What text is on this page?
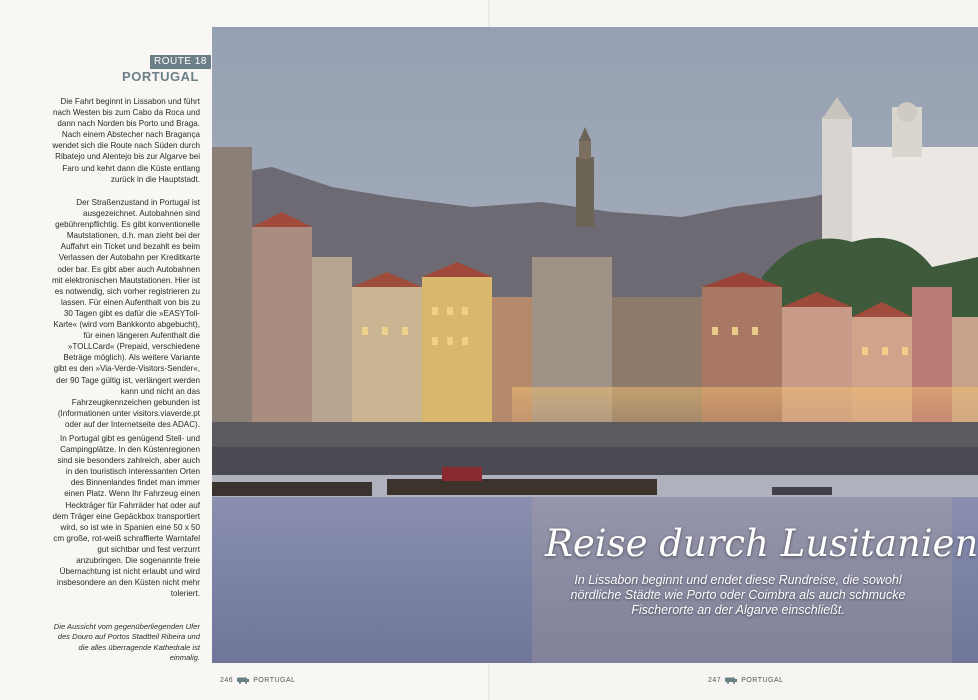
ROUTE 18
PORTUGAL

Die Fahrt beginnt in Lissabon und führt nach Westen bis zum Cabo da Roca und dann nach Norden bis Porto und Braga. Nach einem Abstecher nach Bragança wendet sich die Route nach Süden durch Ribatejo und Alentejo bis zur Algarve bei Faro und kehrt dann die Küste entlang zurück in die Hauptstadt.

Der Straßenzustand in Portugal ist ausgezeichnet. Autobahnen sind gebührenpflichtig. Es gibt konventionelle Mautstationen, d.h. man zieht bei der Auffahrt ein Ticket und bezahlt es beim Verlassen der Autobahn per Kreditkarte oder bar. Es gibt aber auch Autobahnen mit elektronischen Mautstationen. Hier ist es notwendig, sich vorher registrieren zu lassen. Für einen Aufenthalt von bis zu 30 Tagen gibt es dafür die »EASYToll-Karte« (wird vom Bankkonto abgebucht), für einen längeren Aufenthalt die »TOLLCard« (Prepaid, verschiedene Beträge möglich). Als weitere Variante gibt es den »Via-Verde-Visitors-Sender«, der 90 Tage gültig ist, verlängert werden kann und nicht an das Fahrzeugkennzeichen gebunden ist (Informationen unter visitors.viaverde.pt oder auf der Internetseite des ADAC).

In Portugal gibt es genügend Stell- und Campingplätze. In den Küstenregionen sind sie besonders zahlreich, aber auch in den touristisch interessanten Orten des Binnenlandes findet man immer einen Platz. Wenn Ihr Fahrzeug einen Heckträger für Fahrräder hat oder auf dem Träger eine Gepäckbox transportiert wird, so ist wie in Spanien eine 50 x 50 cm große, rot-weiß schraffierte Warntafel gut sichtbar und fest verzurrt anzubringen. Die sogenannte freie Übernachtung ist nicht erlaubt und wird insbesondere an den Küsten nicht mehr toleriert.

Die Aussicht vom gegenüberliegenden Ufer des Douro auf Portos Stadtteil Ribeira und die alles überragende Kathedrale ist einmalig.
Reise durch Lusitanien
In Lissabon beginnt und endet diese Rundreise, die sowohl nördliche Städte wie Porto oder Coimbra als auch schmucke Fischerorte an der Algarve einschließt.
246	PORTUGAL	247	PORTUGAL
